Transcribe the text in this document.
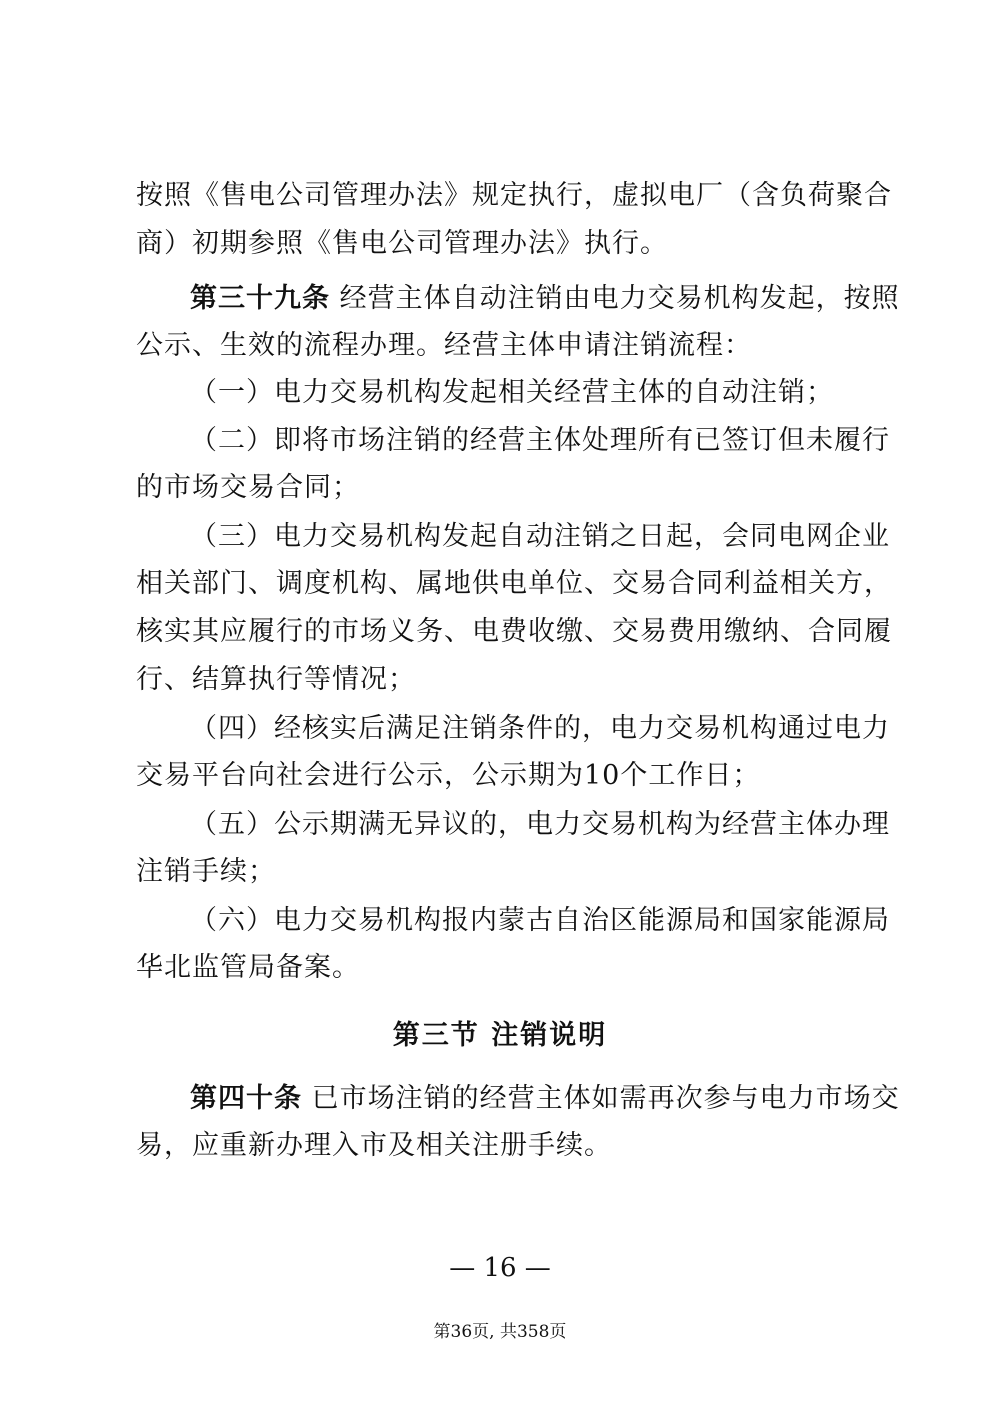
按照《售电公司管理办法》规定执行，虚拟电厂（含负荷聚合
商）初期参照《售电公司管理办法》执行。
第三十九条 经营主体自动注销由电力交易机构发起，按照
公示、生效的流程办理。经营主体申请注销流程：
（一）电力交易机构发起相关经营主体的自动注销；
（二）即将市场注销的经营主体处理所有已签订但未履行
的市场交易合同；
（三）电力交易机构发起自动注销之日起，会同电网企业
相关部门、调度机构、属地供电单位、交易合同利益相关方，
核实其应履行的市场义务、电费收缴、交易费用缴纳、合同履
行、结算执行等情况；
（四）经核实后满足注销条件的，电力交易机构通过电力
交易平台向社会进行公示，公示期为10个工作日；
（五）公示期满无异议的，电力交易机构为经营主体办理
注销手续；
（六）电力交易机构报内蒙古自治区能源局和国家能源局
华北监管局备案。
第三节 注销说明
第四十条 已市场注销的经营主体如需再次参与电力市场交
易，应重新办理入市及相关注册手续。
— 16 —
第36页, 共358页
